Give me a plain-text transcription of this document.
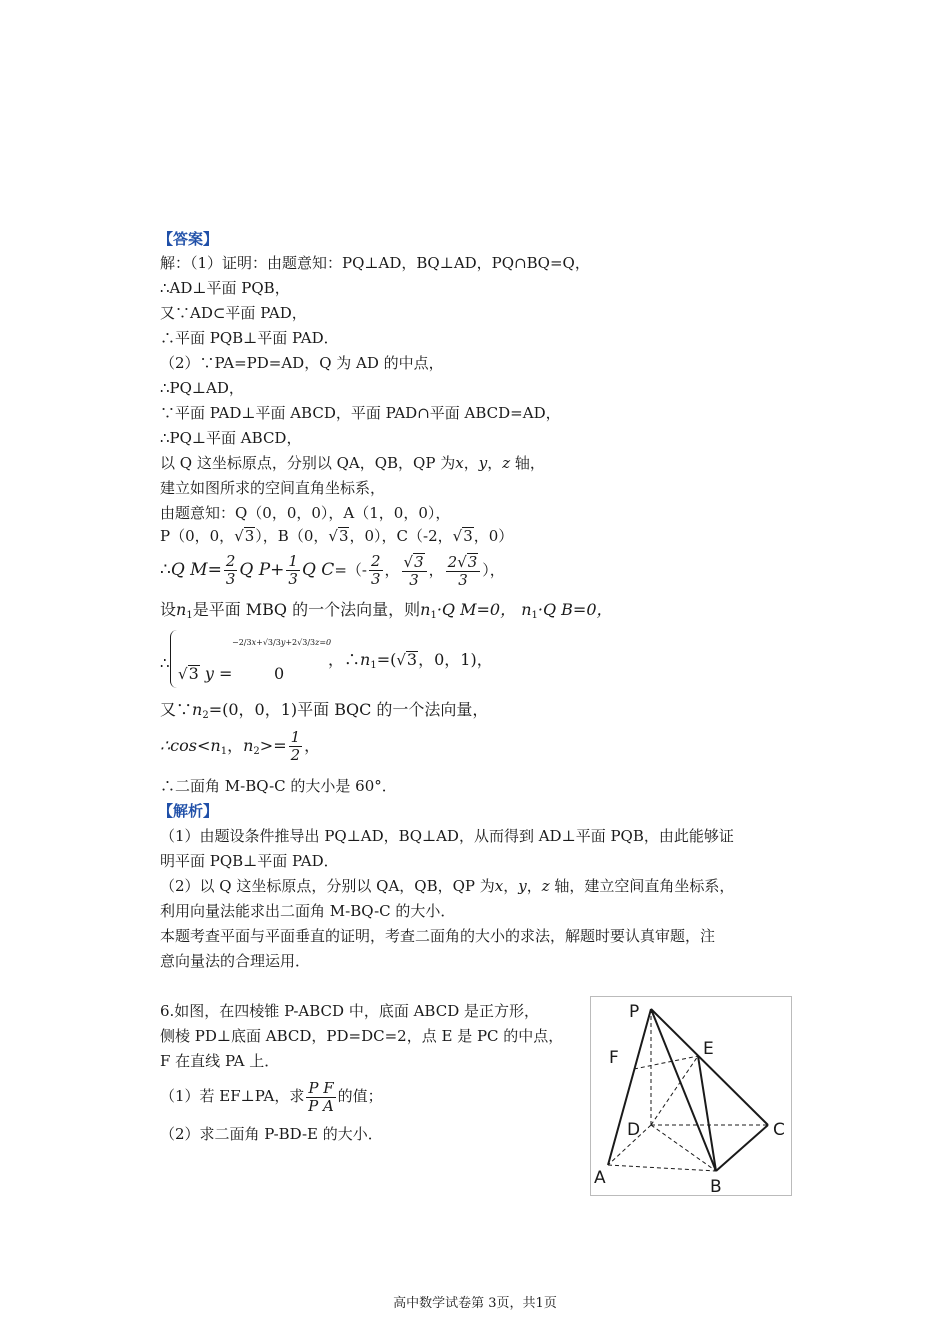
【答案】
解：（1）证明：由题意知：PQ⊥AD，BQ⊥AD，PQ∩BQ=Q，
∴AD⊥平面 PQB，
又∵AD⊂平面 PAD，
∴平面 PQB⊥平面 PAD．
（2）∵PA=PD=AD，Q 为 AD 的中点，
∴PQ⊥AD，
∵平面 PAD⊥平面 ABCD，平面 PAD∩平面 ABCD=AD，
∴PQ⊥平面 ABCD，
以 Q 这坐标原点，分别以 QA，QB，QP 为x，y，z 轴，
建立如图所求的空间直角坐标系，
由题意知：Q（0，0，0），A（1，0，0），
P（0，0，√3），B（0，√3，0），C（-2，√3，0）
∴Q $M= \frac{2}{3}$ Q $P+ \frac{1}{3}$ Q $C=(- \frac{2}{3}$ ， $\frac{√3}{3}$ ， $\frac{2√3}{3}$ ），
设$n_1$是平面 MBQ 的一个法向量，则$n_1\cdot Q$ M=0， $n_1\cdot Q$ B=0，
∴
−2/3x+√3/3y+2√3/3z=0
√3 y =	0
，$\therefore n_1=(√3$，0，1)，
又$\because n_2=(0$，0，1)平面 BQC 的一个法向量，
$\therefore\cos<n_1$，$n_2>= \frac{1}{2}$ ，
∴二面角 M-BQ-C 的大小是 60°．
【解析】
（1）由题设条件推导出 PQ⊥AD，BQ⊥AD，从而得到 AD⊥平面 PQB，由此能够证
明平面 PQB⊥平面 PAD．
（2）以 Q 这坐标原点，分别以 QA，QB，QP 为x，y，z 轴，建立空间直角坐标系，
利用向量法能求出二面角 M-BQ-C 的大小．
本题考查平面与平面垂直的证明，考查二面角的大小的求法，解题时要认真审题，注
意向量法的合理运用．
6.如图，在四棱锥 P-ABCD 中，底面 ABCD 是正方形，
侧棱 PD⊥底面 ABCD，PD=DC=2，点 E 是 PC 的中点，
F 在直线 PA 上．
（1）若 EF⊥PA，求 $\frac{\text{P F}}{\text{P A}}$ 的值；
（2）求二面角 P-BD-E 的大小．
P
E
F
D	C
A	B
高中数学试卷第 3页，共1页
